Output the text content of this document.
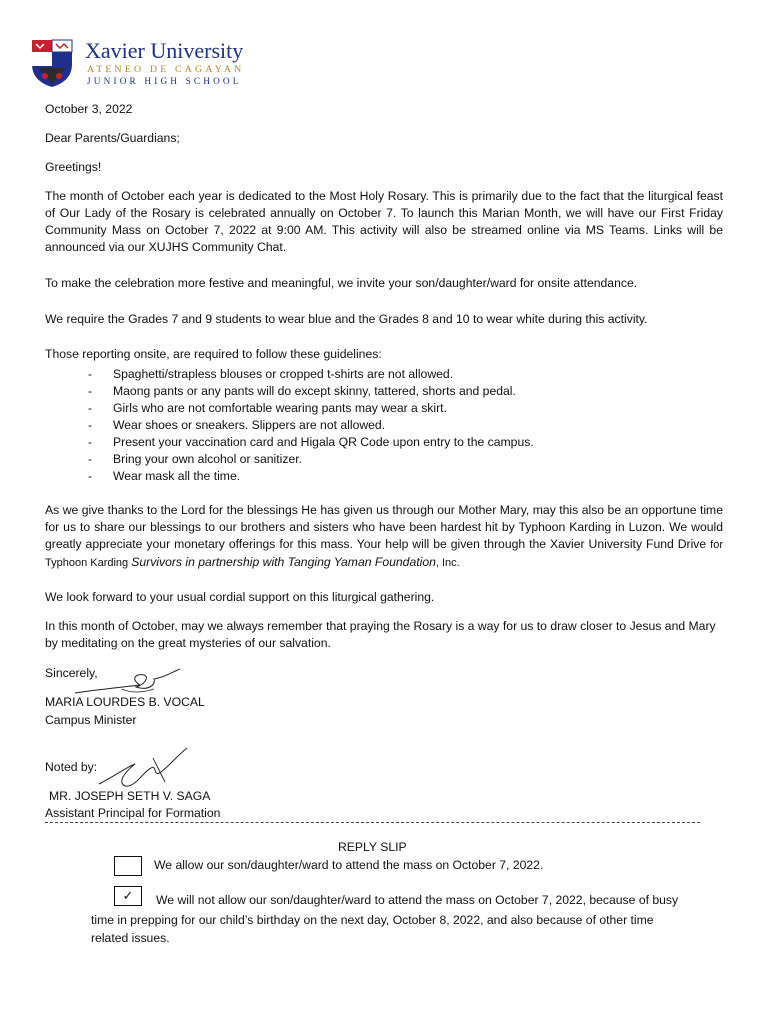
Xavier University
ATENEO DE CAGAYAN
JUNIOR HIGH SCHOOL
October 3, 2022
Dear Parents/Guardians;
Greetings!
The month of October each year is dedicated to the Most Holy Rosary. This is primarily due to the fact that the liturgical feast of Our Lady of the Rosary is celebrated annually on October 7. To launch this Marian Month, we will have our First Friday Community Mass on October 7, 2022 at 9:00 AM. This activity will also be streamed online via MS Teams. Links will be announced via our XUJHS Community Chat.
To make the celebration more festive and meaningful, we invite your son/daughter/ward for onsite attendance.
We require the Grades 7 and 9 students to wear blue and the Grades 8 and 10 to wear white during this activity.
Those reporting onsite, are required to follow these guidelines:
- Spaghetti/strapless blouses or cropped t-shirts are not allowed.
- Maong pants or any pants will do except skinny, tattered, shorts and pedal.
- Girls who are not comfortable wearing pants may wear a skirt.
- Wear shoes or sneakers. Slippers are not allowed.
- Present your vaccination card and Higala QR Code upon entry to the campus.
- Bring your own alcohol or sanitizer.
- Wear mask all the time.
As we give thanks to the Lord for the blessings He has given us through our Mother Mary, may this also be an opportune time for us to share our blessings to our brothers and sisters who have been hardest hit by Typhoon Karding in Luzon. We would greatly appreciate your monetary offerings for this mass. Your help will be given through the Xavier University Fund Drive for Typhoon Karding Survivors in partnership with Tanging Yaman Foundation, Inc.
We look forward to your usual cordial support on this liturgical gathering.
In this month of October, may we always remember that praying the Rosary is a way for us to draw closer to Jesus and Mary by meditating on the great mysteries of our salvation.
Sincerely,
MARIA LOURDES B. VOCAL
Campus Minister
Noted by:
MR. JOSEPH SETH V. SAGA
Assistant Principal for Formation
REPLY SLIP
We allow our son/daughter/ward to attend the mass on October 7, 2022.
✓	We will not allow our son/daughter/ward to attend the mass on October 7, 2022, because of busy
time in prepping for our child’s birthday on the next day, October 8, 2022, and also because of other time
related issues.
